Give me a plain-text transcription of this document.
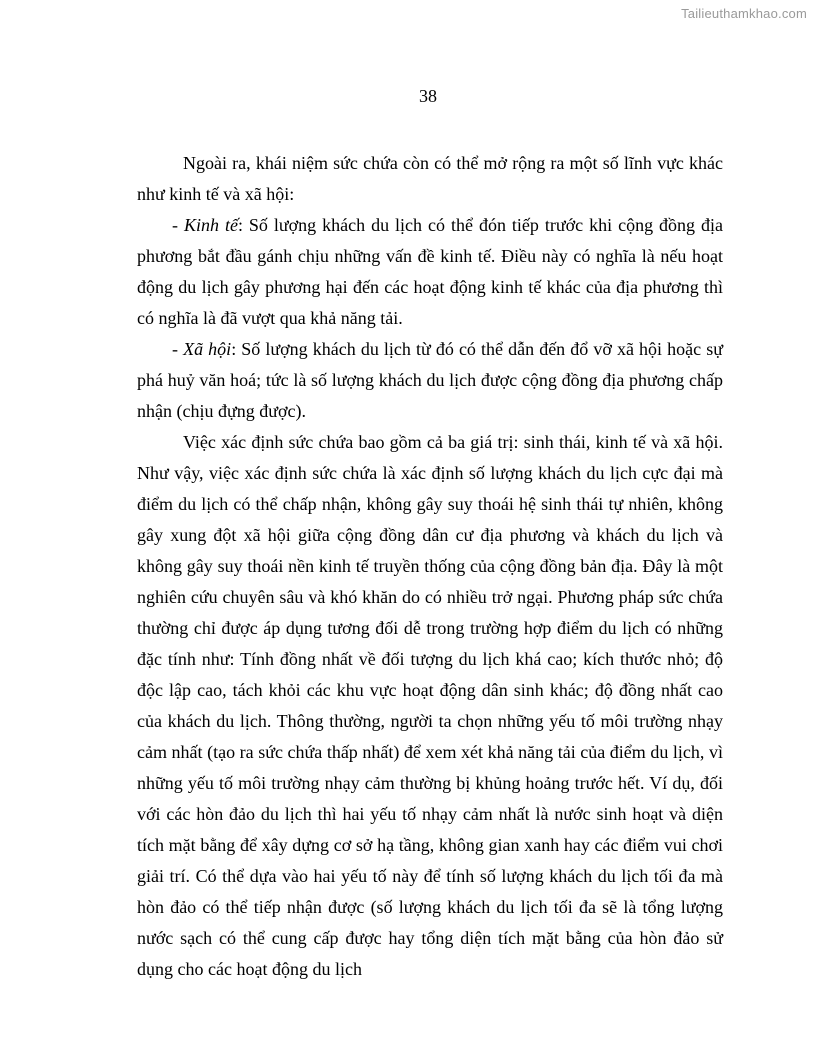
Tailieuthamkhao.com
38

Ngoài ra, khái niệm sức chứa còn có thể mở rộng ra một số lĩnh vực khác như kinh tế và xã hội:

- Kinh tế: Số lượng khách du lịch có thể đón tiếp trước khi cộng đồng địa phương bắt đầu gánh chịu những vấn đề kinh tế. Điều này có nghĩa là nếu hoạt động du lịch gây phương hại đến các hoạt động kinh tế khác của địa phương thì có nghĩa là đã vượt qua khả năng tải.

- Xã hội: Số lượng khách du lịch từ đó có thể dẫn đến đổ vỡ xã hội hoặc sự phá huỷ văn hoá; tức là số lượng khách du lịch được cộng đồng địa phương chấp nhận (chịu đựng được).

Việc xác định sức chứa bao gồm cả ba giá trị: sinh thái, kinh tế và xã hội. Như vậy, việc xác định sức chứa là xác định số lượng khách du lịch cực đại mà điểm du lịch có thể chấp nhận, không gây suy thoái hệ sinh thái tự nhiên, không gây xung đột xã hội giữa cộng đồng dân cư địa phương và khách du lịch và không gây suy thoái nền kinh tế truyền thống của cộng đồng bản địa. Đây là một nghiên cứu chuyên sâu và khó khăn do có nhiều trở ngại. Phương pháp sức chứa thường chỉ được áp dụng tương đối dễ trong trường hợp điểm du lịch có những đặc tính như: Tính đồng nhất về đối tượng du lịch khá cao; kích thước nhỏ; độ độc lập cao, tách khỏi các khu vực hoạt động dân sinh khác; độ đồng nhất cao của khách du lịch. Thông thường, người ta chọn những yếu tố môi trường nhạy cảm nhất (tạo ra sức chứa thấp nhất) để xem xét khả năng tải của điểm du lịch, vì những yếu tố môi trường nhạy cảm thường bị khủng hoảng trước hết. Ví dụ, đối với các hòn đảo du lịch thì hai yếu tố nhạy cảm nhất là nước sinh hoạt và diện tích mặt bằng để xây dựng cơ sở hạ tầng, không gian xanh hay các điểm vui chơi giải trí. Có thể dựa vào hai yếu tố này để tính số lượng khách du lịch tối đa mà hòn đảo có thể tiếp nhận được (số lượng khách du lịch tối đa sẽ là tổng lượng nước sạch có thể cung cấp được hay tổng diện tích mặt bằng của hòn đảo sử dụng cho các hoạt động du lịch
